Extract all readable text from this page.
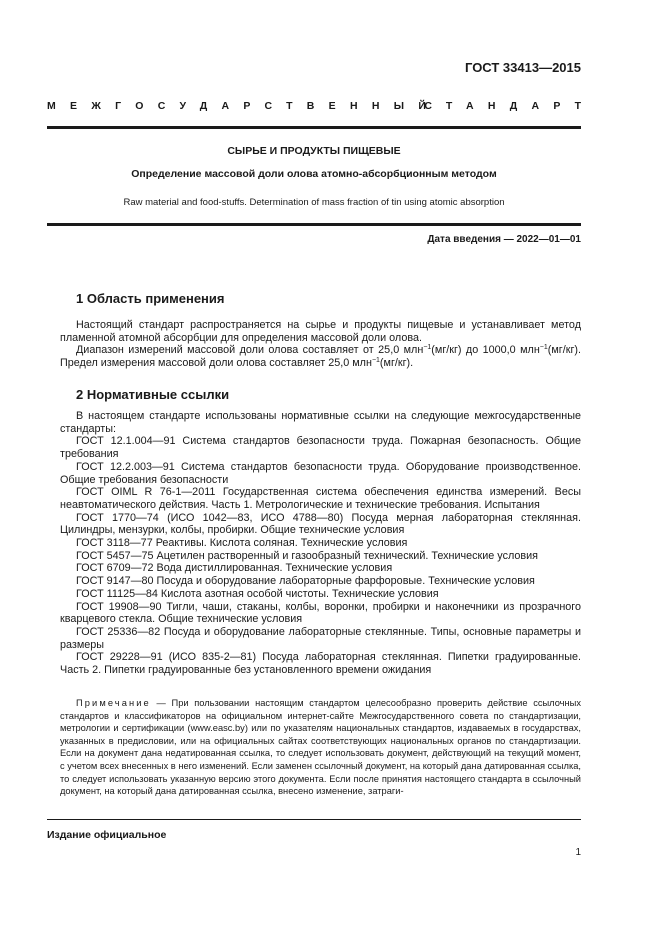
ГОСТ 33413—2015
МЕЖГОСУДАРСТВЕННЫЙ
СТАНДАРТ
СЫРЬЕ И ПРОДУКТЫ ПИЩЕВЫЕ
Определение массовой доли олова атомно-абсорбционным методом
Raw material and food-stuffs. Determination of mass fraction of tin using atomic absorption
Дата введения — 2022—01—01
1 Область применения

Настоящий стандарт распространяется на сырье и продукты пищевые и устанавливает метод пламенной атомной абсорбции для определения массовой доли олова.

Диапазон измерений массовой доли олова составляет от 25,0 млн$^{-1}$(мг/кг) до 1000,0 млн$^{-1}$(мг/кг). Предел измерения массовой доли олова составляет 25,0 млн$^{-1}$(мг/кг).

2 Нормативные ссылки

В настоящем стандарте использованы нормативные ссылки на следующие межгосударственные стандарты:

ГОСТ 12.1.004—91 Система стандартов безопасности труда. Пожарная безопасность. Общие требования

ГОСТ 12.2.003—91 Система стандартов безопасности труда. Оборудование производственное. Общие требования безопасности

ГОСТ OIML R 76-1—2011 Государственная система обеспечения единства измерений. Весы неавтоматического действия. Часть 1. Метрологические и технические требования. Испытания

ГОСТ 1770—74 (ИСО 1042—83, ИСО 4788—80) Посуда мерная лабораторная стеклянная. Цилиндры, мензурки, колбы, пробирки. Общие технические условия

ГОСТ 3118—77 Реактивы. Кислота соляная. Технические условия

ГОСТ 5457—75 Ацетилен растворенный и газообразный технический. Технические условия

ГОСТ 6709—72 Вода дистиллированная. Технические условия

ГОСТ 9147—80 Посуда и оборудование лабораторные фарфоровые. Технические условия

ГОСТ 11125—84 Кислота азотная особой чистоты. Технические условия

ГОСТ 19908—90 Тигли, чаши, стаканы, колбы, воронки, пробирки и наконечники из прозрачного кварцевого стекла. Общие технические условия

ГОСТ 25336—82 Посуда и оборудование лабораторные стеклянные. Типы, основные параметры и размеры

ГОСТ 29228—91 (ИСО 835-2—81) Посуда лабораторная стеклянная. Пипетки градуированные. Часть 2. Пипетки градуированные без установленного времени ожидания

Примечание — При пользовании настоящим стандартом целесообразно проверить действие ссылочных стандартов и классификаторов на официальном интернет-сайте Межгосударственного совета по стандартизации, метрологии и сертификации (www.easc.by) или по указателям национальных стандартов, издаваемых в государствах, указанных в предисловии, или на официальных сайтах соответствующих национальных органов по стандартизации. Если на документ дана недатированная ссылка, то следует использовать документ, действующий на текущий момент, с учетом всех внесенных в него изменений. Если заменен ссылочный документ, на который дана датированная ссылка, то следует использовать указанную версию этого документа. Если после принятия настоящего стандарта в ссылочный документ, на который дана датированная ссылка, внесено изменение, затраги-

Издание официальное
1
